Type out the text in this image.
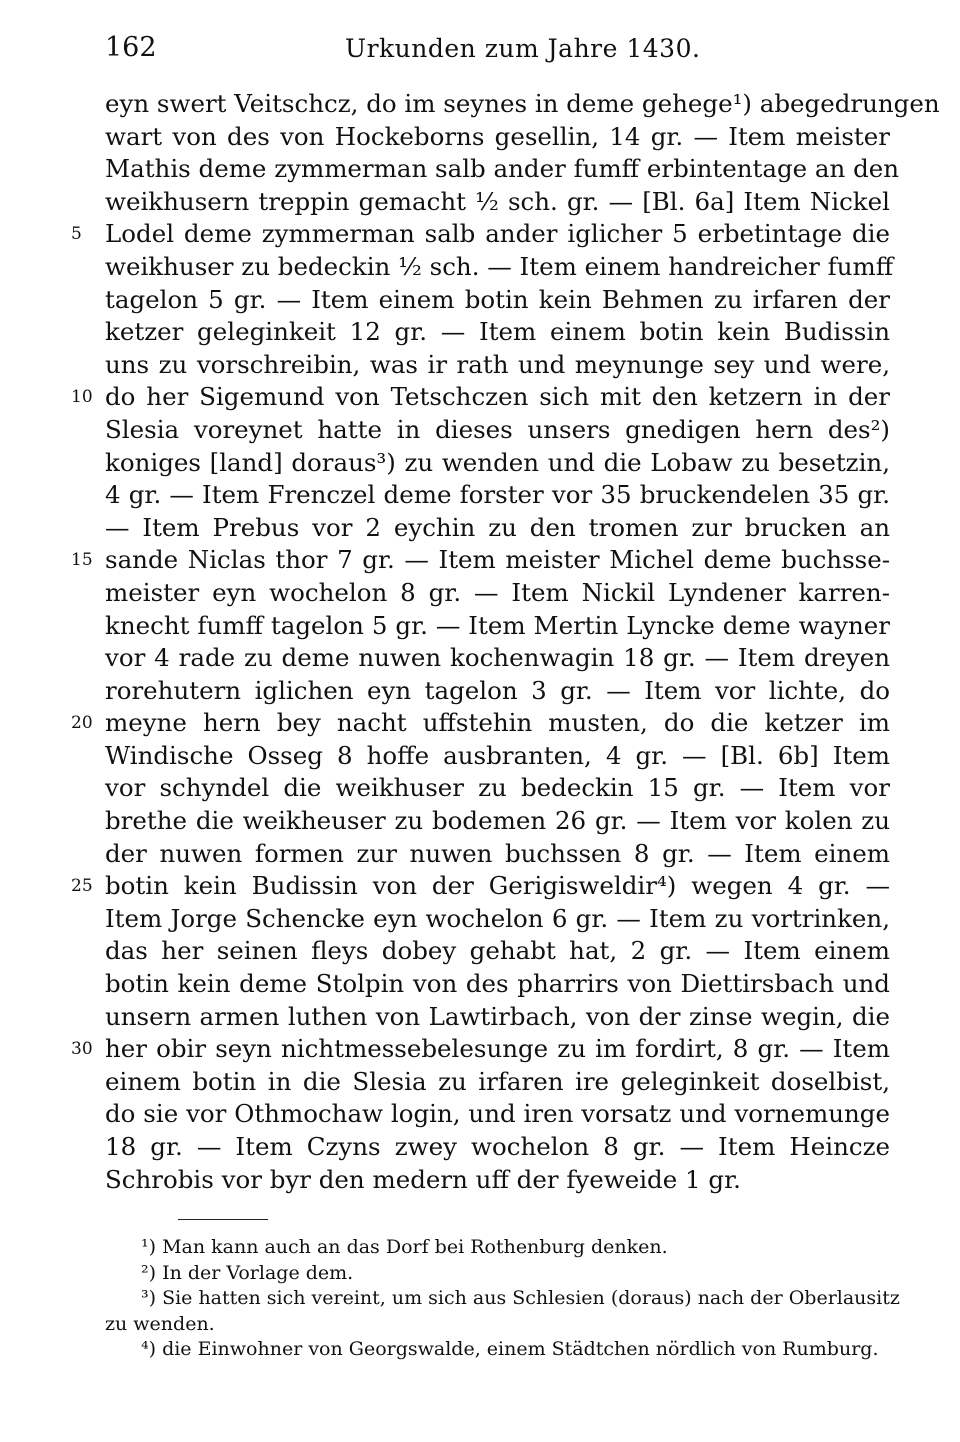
162	Urkunden zum Jahre 1430.
eyn swert Veitschcz, do im seynes in deme gehege¹) abegedrungen
wart von des von Hockeborns gesellin, 14 gr. — Item meister
Mathis deme zymmerman salb ander fumff erbintentage an den
weikhusern treppin gemacht ½ sch. gr. — [Bl. 6a] Item Nickel
5 Lodel deme zymmerman salb ander iglicher 5 erbetintage die
weikhuser zu bedeckin ½ sch. — Item einem handreicher fumff
tagelon 5 gr. — Item einem botin kein Behmen zu irfaren der
ketzer geleginkeit 12 gr. — Item einem botin kein Budissin
uns zu vorschreibin, was ir rath und meynunge sey und were,
10 do her Sigemund von Tetschczen sich mit den ketzern in der
Slesia voreynet hatte in dieses unsers gnedigen hern des²)
koniges [land] doraus³) zu wenden und die Lobaw zu besetzin,
4 gr. — Item Frenczel deme forster vor 35 bruckendelen 35 gr.
— Item Prebus vor 2 eychin zu den tromen zur brucken an
15 sande Niclas thor 7 gr. — Item meister Michel deme buchsse-
meister eyn wochelon 8 gr. — Item Nickil Lyndener karren-
knecht fumff tagelon 5 gr. — Item Mertin Lyncke deme wayner
vor 4 rade zu deme nuwen kochenwagin 18 gr. — Item dreyen
rorehutern iglichen eyn tagelon 3 gr. — Item vor lichte, do
20 meyne hern bey nacht uffstehin musten, do die ketzer im
Windische Osseg 8 hoffe ausbranten, 4 gr. — [Bl. 6b] Item
vor schyndel die weikhuser zu bedeckin 15 gr. — Item vor
brethe die weikheuser zu bodemen 26 gr. — Item vor kolen zu
der nuwen formen zur nuwen buchssen 8 gr. — Item einem
25 botin kein Budissin von der Gerigisweldir⁴) wegen 4 gr. —
Item Jorge Schencke eyn wochelon 6 gr. — Item zu vortrinken,
das her seinen fleys dobey gehabt hat, 2 gr. — Item einem
botin kein deme Stolpin von des pharrirs von Diettirsbach und
unsern armen luthen von Lawtirbach, von der zinse wegin, die
30 her obir seyn nichtmessebelesunge zu im fordirt, 8 gr. — Item
einem botin in die Slesia zu irfaren ire geleginkeit doselbist,
do sie vor Othmochaw login, und iren vorsatz und vornemunge
18 gr. — Item Czyns zwey wochelon 8 gr. — Item Heincze
Schrobis vor byr den medern uff der fyeweide 1 gr.
¹) Man kann auch an das Dorf bei Rothenburg denken.
²) In der Vorlage dem.
³) Sie hatten sich vereint, um sich aus Schlesien (doraus) nach der Oberlausitz
zu wenden.
⁴) die Einwohner von Georgswalde, einem Städtchen nördlich von Rumburg.
